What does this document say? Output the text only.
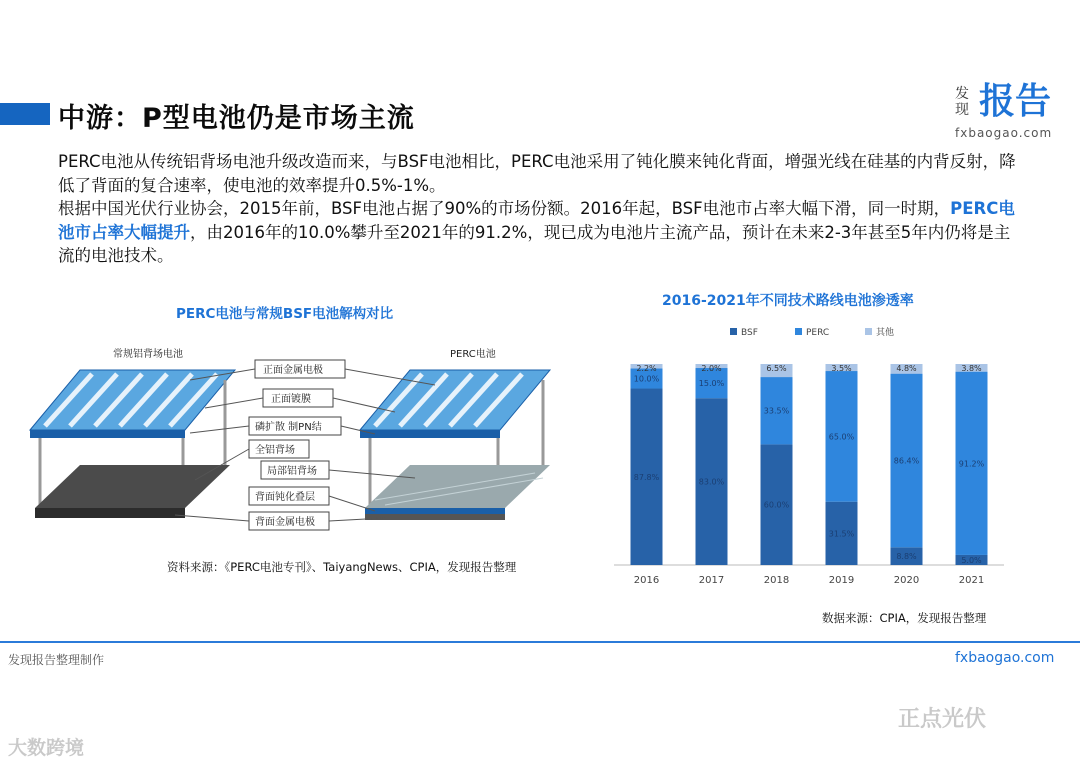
中游：P型电池仍是市场主流
发现 报告
fxbaogao.com

PERC电池从传统铝背场电池升级改造而来，与BSF电池相比，PERC电池采用了钝化膜来钝化背面，增强光线在硅基的内背反射，降低了背面的复合速率，使电池的效率提升0.5%-1%。

根据中国光伏行业协会，2015年前，BSF电池占据了90%的市场份额。2016年起，BSF电池市占率大幅下滑，同一时期，PERC电池市占率大幅提升，由2016年的10.0%攀升至2021年的91.2%，现已成为电池片主流产品，预计在未来2-3年甚至5年内仍将是主流的电池技术。

PERC电池与常规BSF电池解构对比
常规铝背场电池	PERC电池
正面金属电极
正面镀膜
磷扩散 制PN结
全铝背场
局部铝背场
背面钝化叠层
背面金属电极
资料来源：《PERC电池专刊》、TaiyangNews、CPIA，发现报告整理
2016-2021年不同技术路线电池渗透率
BSF	PERC	其他
87.8%
10.0%
2.2%
2016
83.0%
15.0%
2.0%
2017
60.0%
33.5%
6.5%
2018
31.5%
65.0%
3.5%
2019
8.8%
86.4%
4.8%
2020
5.0%
91.2%
3.8%
2021
数据来源：CPIA，发现报告整理
发现报告整理制作	fxbaogao.com
正点光伏
大数跨境
